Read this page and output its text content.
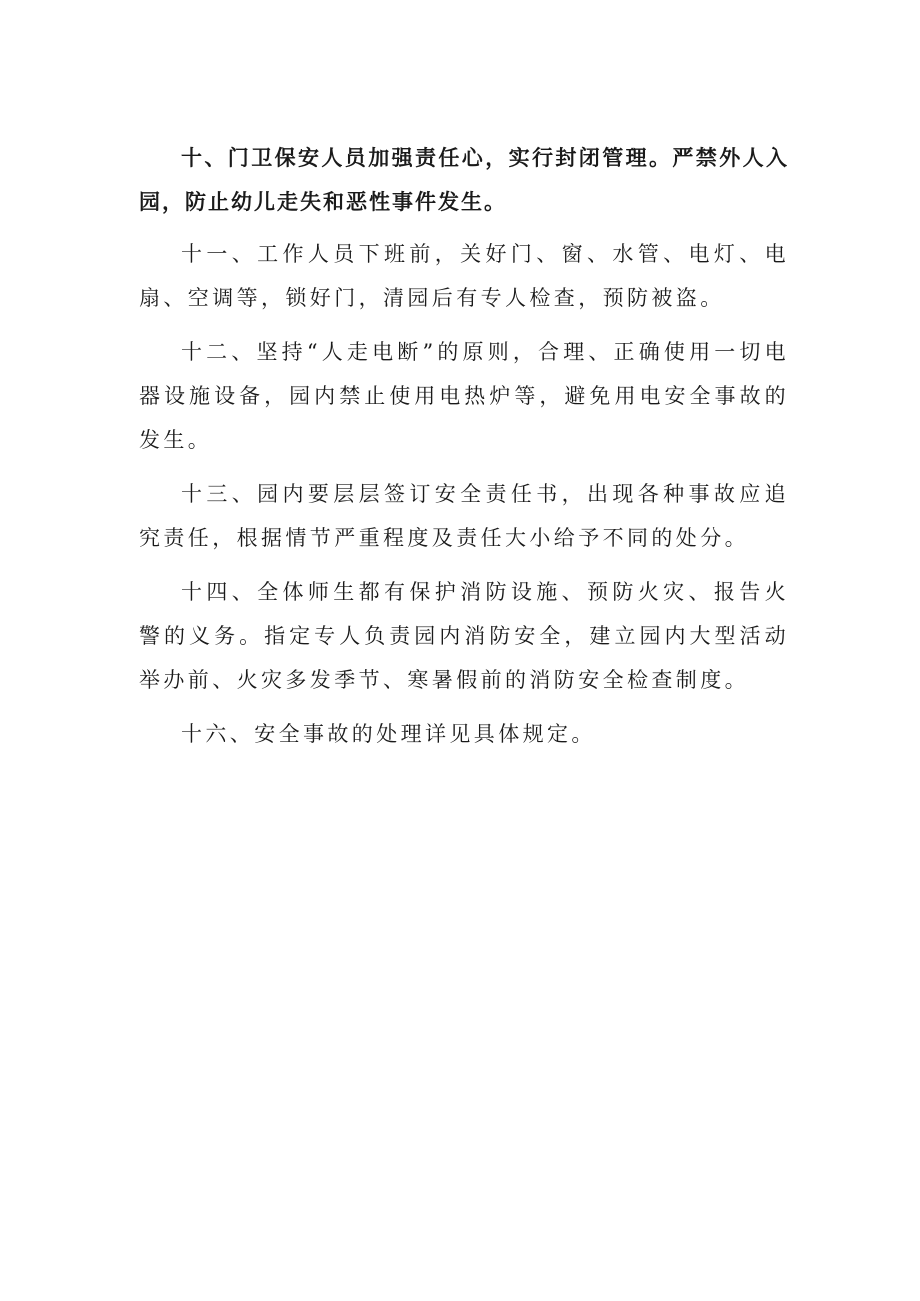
十、门卫保安人员加强责任心，实行封闭管理。严禁外人入园，防止幼儿走失和恶性事件发生。

十一、工作人员下班前，关好门、窗、水管、电灯、电扇、空调等，锁好门，清园后有专人检查，预防被盗。

十二、坚持“人走电断”的原则，合理、正确使用一切电器设施设备，园内禁止使用电热炉等，避免用电安全事故的发生。

十三、园内要层层签订安全责任书，出现各种事故应追究责任，根据情节严重程度及责任大小给予不同的处分。

十四、全体师生都有保护消防设施、预防火灾、报告火警的义务。指定专人负责园内消防安全，建立园内大型活动举办前、火灾多发季节、寒暑假前的消防安全检查制度。

十六、安全事故的处理详见具体规定。
